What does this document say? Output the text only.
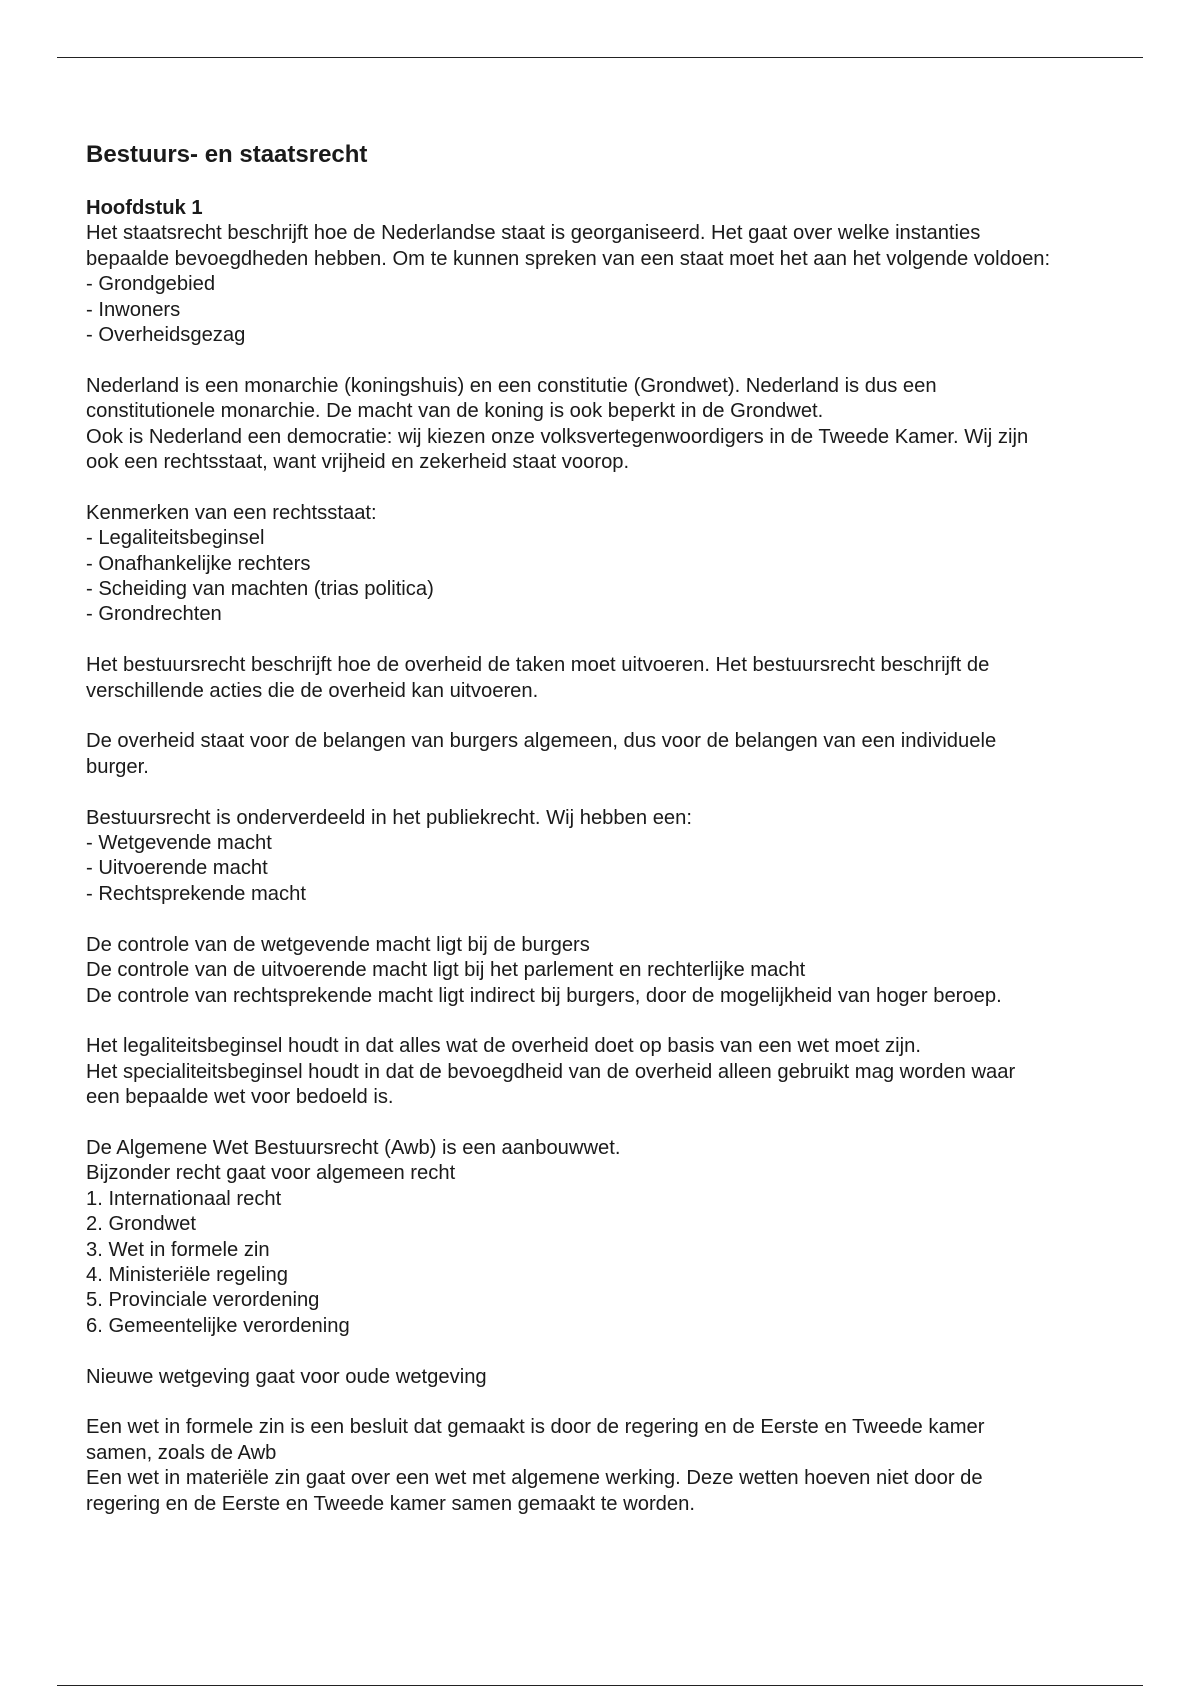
Bestuurs- en staatsrecht
Hoofdstuk 1
Het staatsrecht beschrijft hoe de Nederlandse staat is georganiseerd. Het gaat over welke instanties
bepaalde bevoegdheden hebben. Om te kunnen spreken van een staat moet het aan het volgende voldoen:
- Grondgebied
- Inwoners
- Overheidsgezag
Nederland is een monarchie (koningshuis) en een constitutie (Grondwet). Nederland is dus een
constitutionele monarchie. De macht van de koning is ook beperkt in de Grondwet.
Ook is Nederland een democratie: wij kiezen onze volksvertegenwoordigers in de Tweede Kamer. Wij zijn
ook een rechtsstaat, want vrijheid en zekerheid staat voorop.
Kenmerken van een rechtsstaat:
- Legaliteitsbeginsel
- Onafhankelijke rechters
- Scheiding van machten (trias politica)
- Grondrechten
Het bestuursrecht beschrijft hoe de overheid de taken moet uitvoeren. Het bestuursrecht beschrijft de
verschillende acties die de overheid kan uitvoeren.
De overheid staat voor de belangen van burgers algemeen, dus voor de belangen van een individuele
burger.
Bestuursrecht is onderverdeeld in het publiekrecht. Wij hebben een:
- Wetgevende macht
- Uitvoerende macht
- Rechtsprekende macht
De controle van de wetgevende macht ligt bij de burgers
De controle van de uitvoerende macht ligt bij het parlement en rechterlijke macht
De controle van rechtsprekende macht ligt indirect bij burgers, door de mogelijkheid van hoger beroep.
Het legaliteitsbeginsel houdt in dat alles wat de overheid doet op basis van een wet moet zijn.
Het specialiteitsbeginsel houdt in dat de bevoegdheid van de overheid alleen gebruikt mag worden waar
een bepaalde wet voor bedoeld is.
De Algemene Wet Bestuursrecht (Awb) is een aanbouwwet.
Bijzonder recht gaat voor algemeen recht
1. Internationaal recht
2. Grondwet
3. Wet in formele zin
4. Ministeriële regeling
5. Provinciale verordening
6. Gemeentelijke verordening
Nieuwe wetgeving gaat voor oude wetgeving
Een wet in formele zin is een besluit dat gemaakt is door de regering en de Eerste en Tweede kamer
samen, zoals de Awb
Een wet in materiële zin gaat over een wet met algemene werking. Deze wetten hoeven niet door de
regering en de Eerste en Tweede kamer samen gemaakt te worden.
